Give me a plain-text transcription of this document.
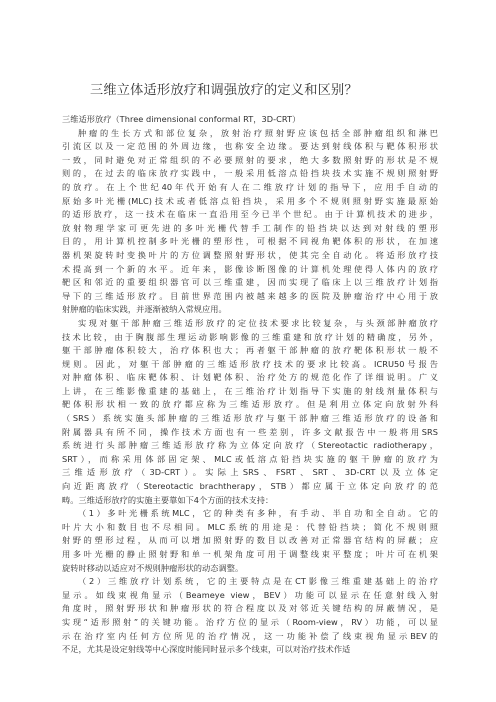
三维立体适形放疗和调强放疗的定义和区别？
三维适形放疗（Three dimensional conformal RT，3D-CRT）
肿瘤的生长方式和部位复杂，放射治疗照射野应该包括全部肿瘤组织和淋巴
引流区以及一定范围的外周边缘，也称安全边缘。要达到射线体积与靶体积形状
一致，同时避免对正常组织的不必要照射的要求，绝大多数照射野的形状是不规
则的，在过去的临床放疗实践中，一般采用低溶点铅挡块技术实施不规则照射野
的放疗。在上个世纪40年代开始有人在二维放疗计划的指导下，应用手自动的
原始多叶光栅(MLC)技术或者低溶点铅挡块，采用多个不规则照射野实施最原始
的适形放疗，这一技术在临床一直沿用至今已半个世纪。由于计算机技术的进步，
放射物理学家可更先进的多叶光栅代替手工制作的铅挡块以达到对射线的塑形
目的，用计算机控制多叶光栅的塑形性，可根据不同视角靶体积的形状，在加速
器机架旋转时变换叶片的方位调整照射野形状，使其完全自动化。将适形放疗技
术提高到一个新的水平。近年来，影像诊断图像的计算机处理使得人体内的放疗
靶区和邻近的重要组织器官可以三维重建，因而实现了临床上以三维放疗计划指
导下的三维适形放疗。目前世界范围内被越来越多的医院及肿瘤治疗中心用于放
射肿瘤的临床实践，并逐渐被纳入常规应用。
实现对躯干部肿瘤三维适形放疗的定位技术要求比较复杂，与头颈部肿瘤放疗
技术比较，由于胸腹部生理运动影响影像的三维重建和放疗计划的精确度，另外，
躯干部肿瘤体积较大，治疗体积也大；再者躯干部肿瘤的放疗靶体积形状一般不
规则。因此，对躯干部肿瘤的三维适形放疗技术的要求比较高。ICRU50号报告
对肿瘤体积、临床靶体积、计划靶体积、治疗处方的规范化作了详细说明。广义
上讲，在三维影像重建的基础上，在三维治疗计划指导下实施的射线剂量体积与
靶体积形状相一致的放疗都应称为三维适形放疗。但是利用立体定向放射外科
（SRS）系统实施头部肿瘤的三维适形放疗与躯干部肿瘤三维适形放疗的设备和
附属器具有所不同，操作技术方面也有一些差别，许多文献报告中一般将用SRS
系统进行头部肿瘤三维适形放疗称为立体定向放疗（Stereotactic radiotherapy，
SRT），而称采用体部固定架、MLC或低溶点铅挡块实施的躯干肿瘤的放疗为
三维适形放疗（3D-CRT）。实际上SRS、FSRT、SRT、3D-CRT以及立体定
向近距离放疗（Stereotactic brachtherapy，STB）都应属于立体定向放疗的范
畴。三维适形放疗的实施主要靠如下4个方面的技术支持：
（1）多叶光栅系统MLC，它的种类有多种，有手动、半自功和全自动。它的
叶片大小和数目也不尽相同。MLC系统的用途是：代替铅挡块；简化不规则照
射野的塑形过程，从而可以增加照射野的数目以改善对正常器官结构的屏蔽；应
用多叶光栅的静止照射野和单一机架角度可用于调整线束平整度；叶片可在机架
旋转时移动以适应对不规则肿瘤形状的动态调整。
（2）三维放疗计划系统，它的主要特点是在CT影像三维重建基础上的治疗
显示。如线束视角显示（Beameye view，BEV）功能可以显示在任意射线入射
角度时，照射野形状和肿瘤形状的符合程度以及对邻近关键结构的屏蔽情况，是
实现“适形照射”的关键功能。治疗方位的显示（Room-view，RV）功能，可以显
示在治疗室内任何方位所见的治疗情况，这一功能补偿了线束视角显示BEV的
不足，尤其是设定射线等中心深度时能同时显示多个线束，可以对治疗技术作适
